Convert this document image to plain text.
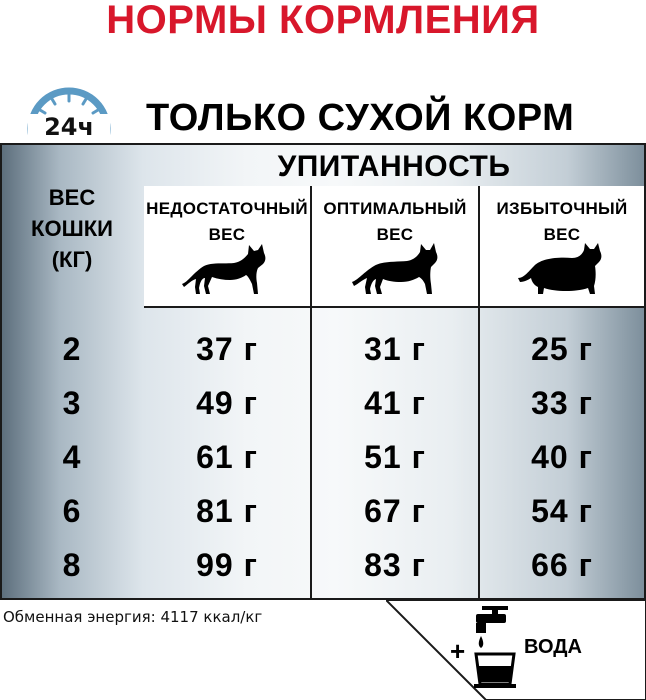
НОРМЫ КОРМЛЕНИЯ
24ч ТОЛЬКО СУХОЙ КОРМ
УПИТАННОСТЬ
ВЕС
КОШКИ
(КГ)
НЕДОСТАТОЧНЫЙ
ВЕС
ОПТИМАЛЬНЫЙ
ВЕС
ИЗБЫТОЧНЫЙ
ВЕС
2	37 г	31 г	25 г
3	49 г	41 г	33 г
4	61 г	51 г	40 г
6	81 г	67 г	54 г
8	99 г	83 г	66 г
Обменная энергия: 4117 ккал/кг
+	ВОДА
